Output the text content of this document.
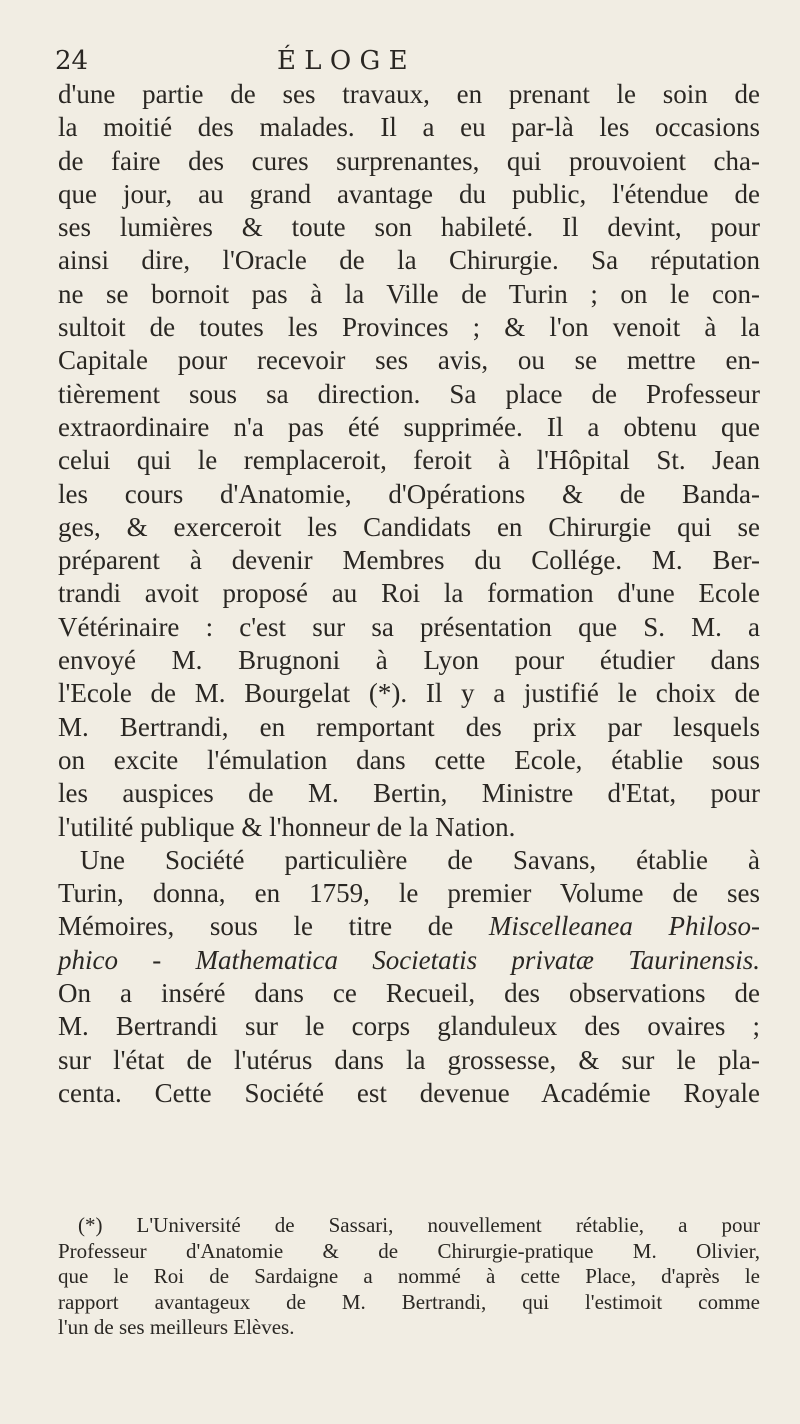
24	ÉLOGE
d'une partie de ses travaux, en prenant le soin de
la moitié des malades. Il a eu par-là les occasions
de faire des cures surprenantes, qui prouvoient cha-
que jour, au grand avantage du public, l'étendue de
ses lumières & toute son habileté. Il devint, pour
ainsi dire, l'Oracle de la Chirurgie. Sa réputation
ne se bornoit pas à la Ville de Turin ; on le con-
sultoit de toutes les Provinces ; & l'on venoit à la
Capitale pour recevoir ses avis, ou se mettre en-
tièrement sous sa direction. Sa place de Professeur
extraordinaire n'a pas été supprimée. Il a obtenu que
celui qui le remplaceroit, feroit à l'Hôpital St. Jean
les cours d'Anatomie, d'Opérations & de Banda-
ges, & exerceroit les Candidats en Chirurgie qui se
préparent à devenir Membres du Collége. M. Ber-
trandi avoit proposé au Roi la formation d'une Ecole
Vétérinaire : c'est sur sa présentation que S. M. a
envoyé M. Brugnoni à Lyon pour étudier dans
l'Ecole de M. Bourgelat (*). Il y a justifié le choix de
M. Bertrandi, en remportant des prix par lesquels
on excite l'émulation dans cette Ecole, établie sous
les auspices de M. Bertin, Ministre d'Etat, pour
l'utilité publique & l'honneur de la Nation.
Une Société particulière de Savans, établie à
Turin, donna, en 1759, le premier Volume de ses
Mémoires, sous le titre de Miscelleanea Philoso-
phico - Mathematica Societatis privatæ Taurinensis.
On a inséré dans ce Recueil, des observations de
M. Bertrandi sur le corps glanduleux des ovaires ;
sur l'état de l'utérus dans la grossesse, & sur le pla-
centa. Cette Société est devenue Académie Royale
(*) L'Université de Sassari, nouvellement rétablie, a pour
Professeur d'Anatomie & de Chirurgie-pratique M. Olivier,
que le Roi de Sardaigne a nommé à cette Place, d'après le
rapport avantageux de M. Bertrandi, qui l'estimoit comme
l'un de ses meilleurs Elèves.
